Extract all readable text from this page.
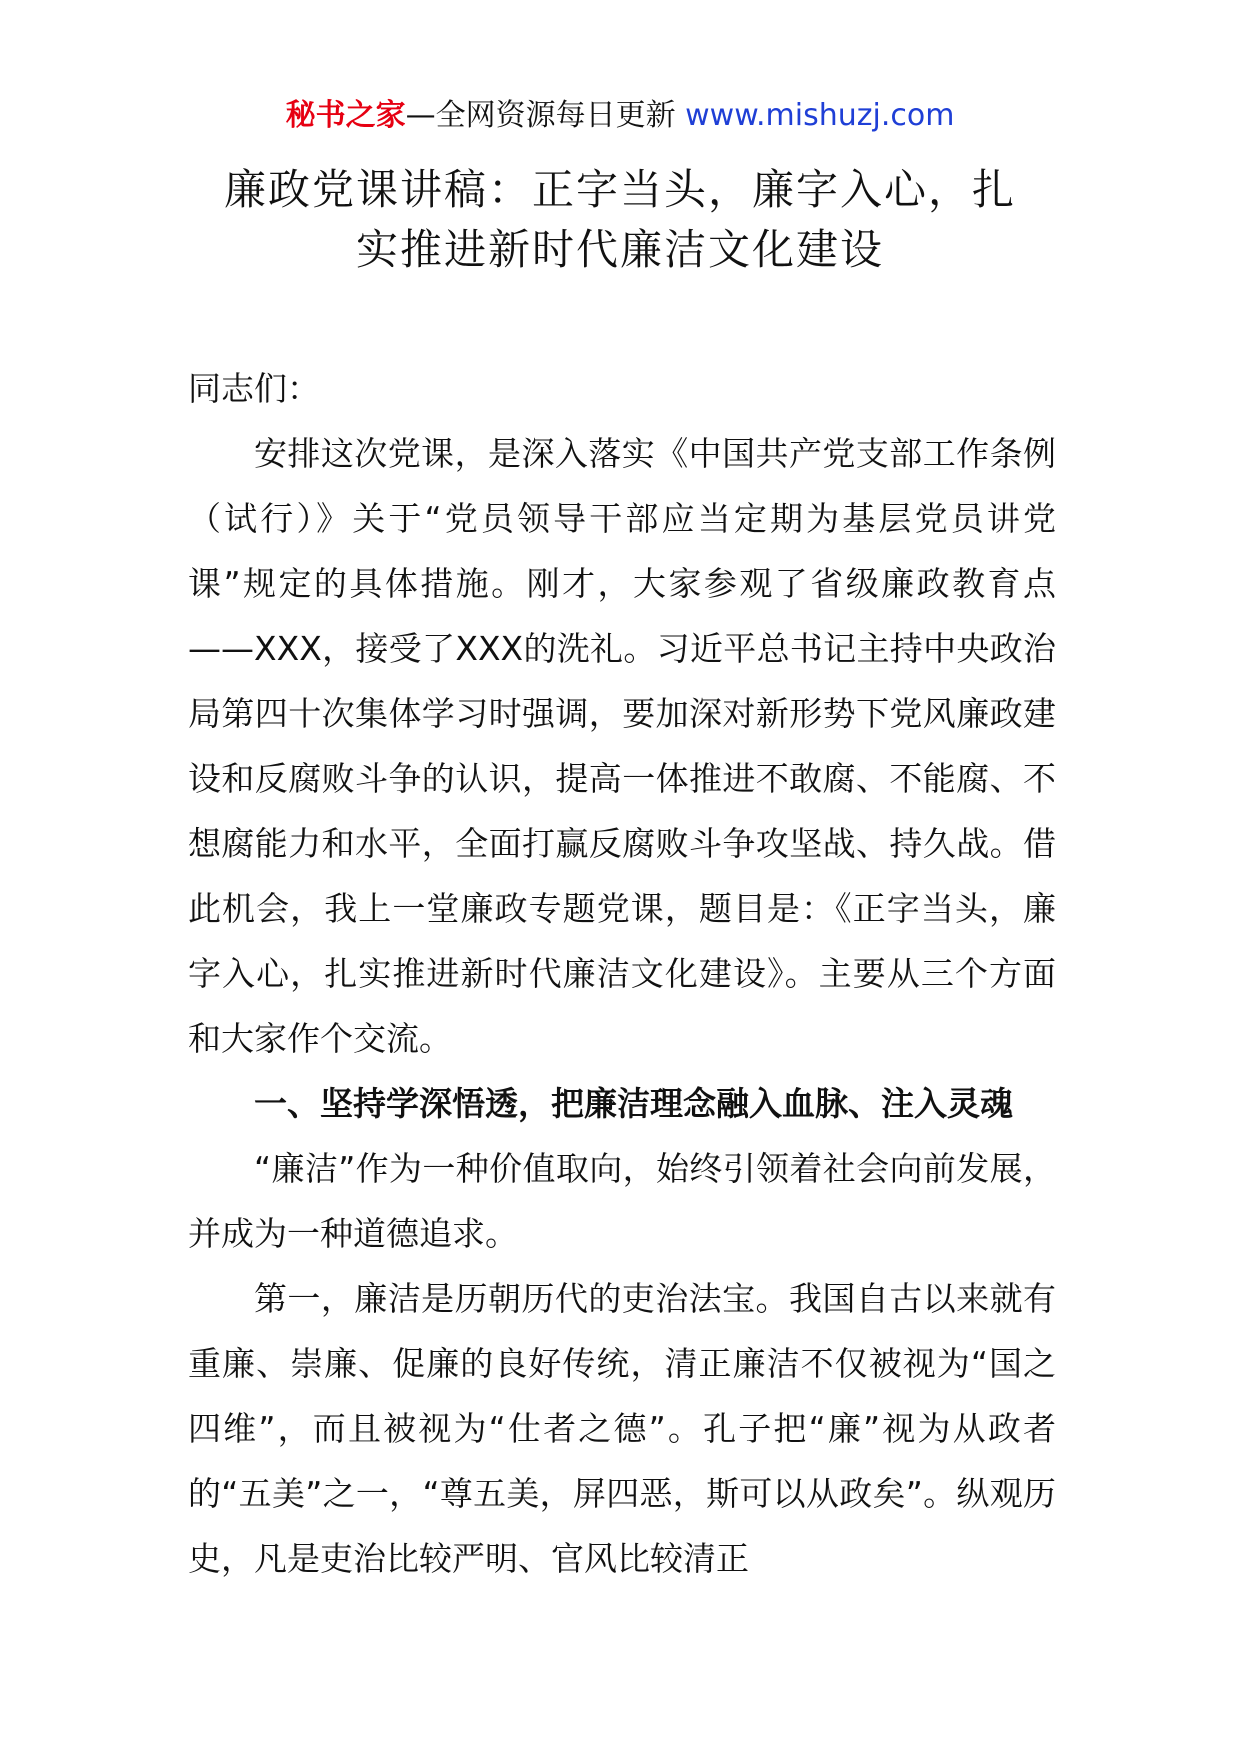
秘书之家—全网资源每日更新 www.mishuzj.com
廉政党课讲稿：正字当头，廉字入心，扎
实推进新时代廉洁文化建设

同志们：

安排这次党课，是深入落实《中国共产党支部工作条例（试行）》关于“党员领导干部应当定期为基层党员讲党课”规定的具体措施。刚才，大家参观了省级廉政教育点——XXX，接受了XXX的洗礼。习近平总书记主持中央政治局第四十次集体学习时强调，要加深对新形势下党风廉政建设和反腐败斗争的认识，提高一体推进不敢腐、不能腐、不想腐能力和水平，全面打赢反腐败斗争攻坚战、持久战。借此机会，我上一堂廉政专题党课，题目是：《正字当头，廉字入心，扎实推进新时代廉洁文化建设》。主要从三个方面和大家作个交流。

一、坚持学深悟透，把廉洁理念融入血脉、注入灵魂

“廉洁”作为一种价值取向，始终引领着社会向前发展，并成为一种道德追求。

第一，廉洁是历朝历代的吏治法宝。我国自古以来就有重廉、崇廉、促廉的良好传统，清正廉洁不仅被视为“国之四维”，而且被视为“仕者之德”。孔子把“廉”视为从政者的“五美”之一，“尊五美，屏四恶，斯可以从政矣”。纵观历史，凡是吏治比较严明、官风比较清正
